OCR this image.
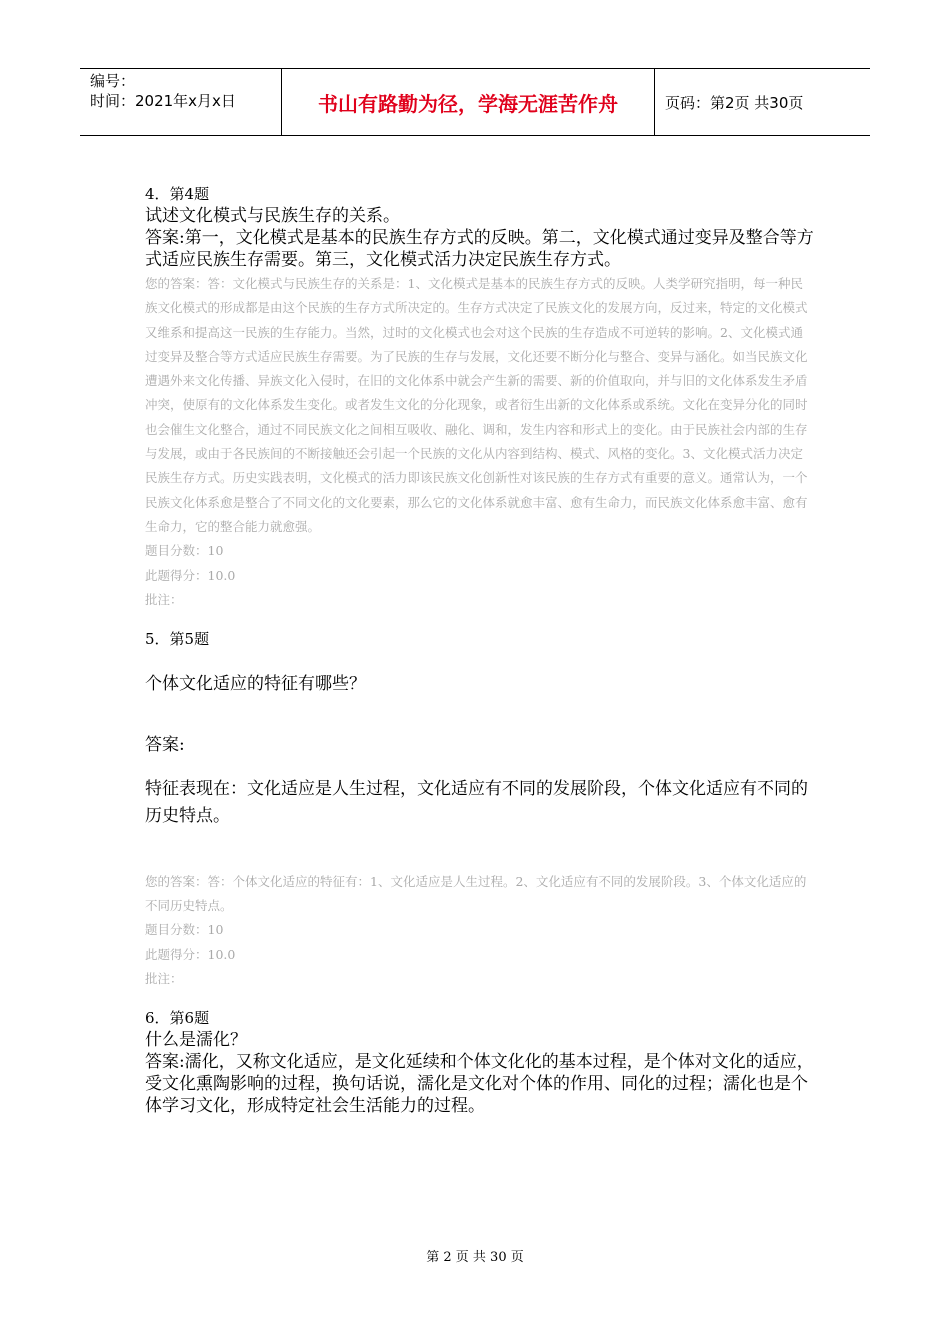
编号：
时间：2021年x月x日	书山有路勤为径，学海无涯苦作舟	页码：第2页 共30页
4．第4题
试述文化模式与民族生存的关系。
答案:第一，文化模式是基本的民族生存方式的反映。第二，文化模式通过变异及整合等方式适应民族生存需要。第三，文化模式活力决定民族生存方式。
您的答案：答：文化模式与民族生存的关系是：1、文化模式是基本的民族生存方式的反映。人类学研究指明，每一种民族文化模式的形成都是由这个民族的生存方式所决定的。生存方式决定了民族文化的发展方向，反过来，特定的文化模式又维系和提高这一民族的生存能力。当然，过时的文化模式也会对这个民族的生存造成不可逆转的影响。2、文化模式通过变异及整合等方式适应民族生存需要。为了民族的生存与发展，文化还要不断分化与整合、变异与涵化。如当民族文化遭遇外来文化传播、异族文化入侵时，在旧的文化体系中就会产生新的需要、新的价值取向，并与旧的文化体系发生矛盾冲突，使原有的文化体系发生变化。或者发生文化的分化现象，或者衍生出新的文化体系或系统。文化在变异分化的同时也会催生文化整合，通过不同民族文化之间相互吸收、融化、调和，发生内容和形式上的变化。由于民族社会内部的生存与发展，或由于各民族间的不断接触还会引起一个民族的文化从内容到结构、模式、风格的变化。3、文化模式活力决定民族生存方式。历史实践表明，文化模式的活力即该民族文化创新性对该民族的生存方式有重要的意义。通常认为，一个民族文化体系愈是整合了不同文化的文化要素，那么它的文化体系就愈丰富、愈有生命力，而民族文化体系愈丰富、愈有生命力，它的整合能力就愈强。
题目分数：10
此题得分：10.0
批注：
5．第5题
个体文化适应的特征有哪些？
答案:
特征表现在：文化适应是人生过程，文化适应有不同的发展阶段，个体文化适应有不同的历史特点。
您的答案：答：个体文化适应的特征有：1、文化适应是人生过程。2、文化适应有不同的发展阶段。3、个体文化适应的不同历史特点。
题目分数：10
此题得分：10.0
批注：
6．第6题
什么是濡化？
答案:濡化，又称文化适应，是文化延续和个体文化化的基本过程，是个体对文化的适应，受文化熏陶影响的过程，换句话说，濡化是文化对个体的作用、同化的过程；濡化也是个体学习文化，形成特定社会生活能力的过程。
第 2 页 共 30 页
